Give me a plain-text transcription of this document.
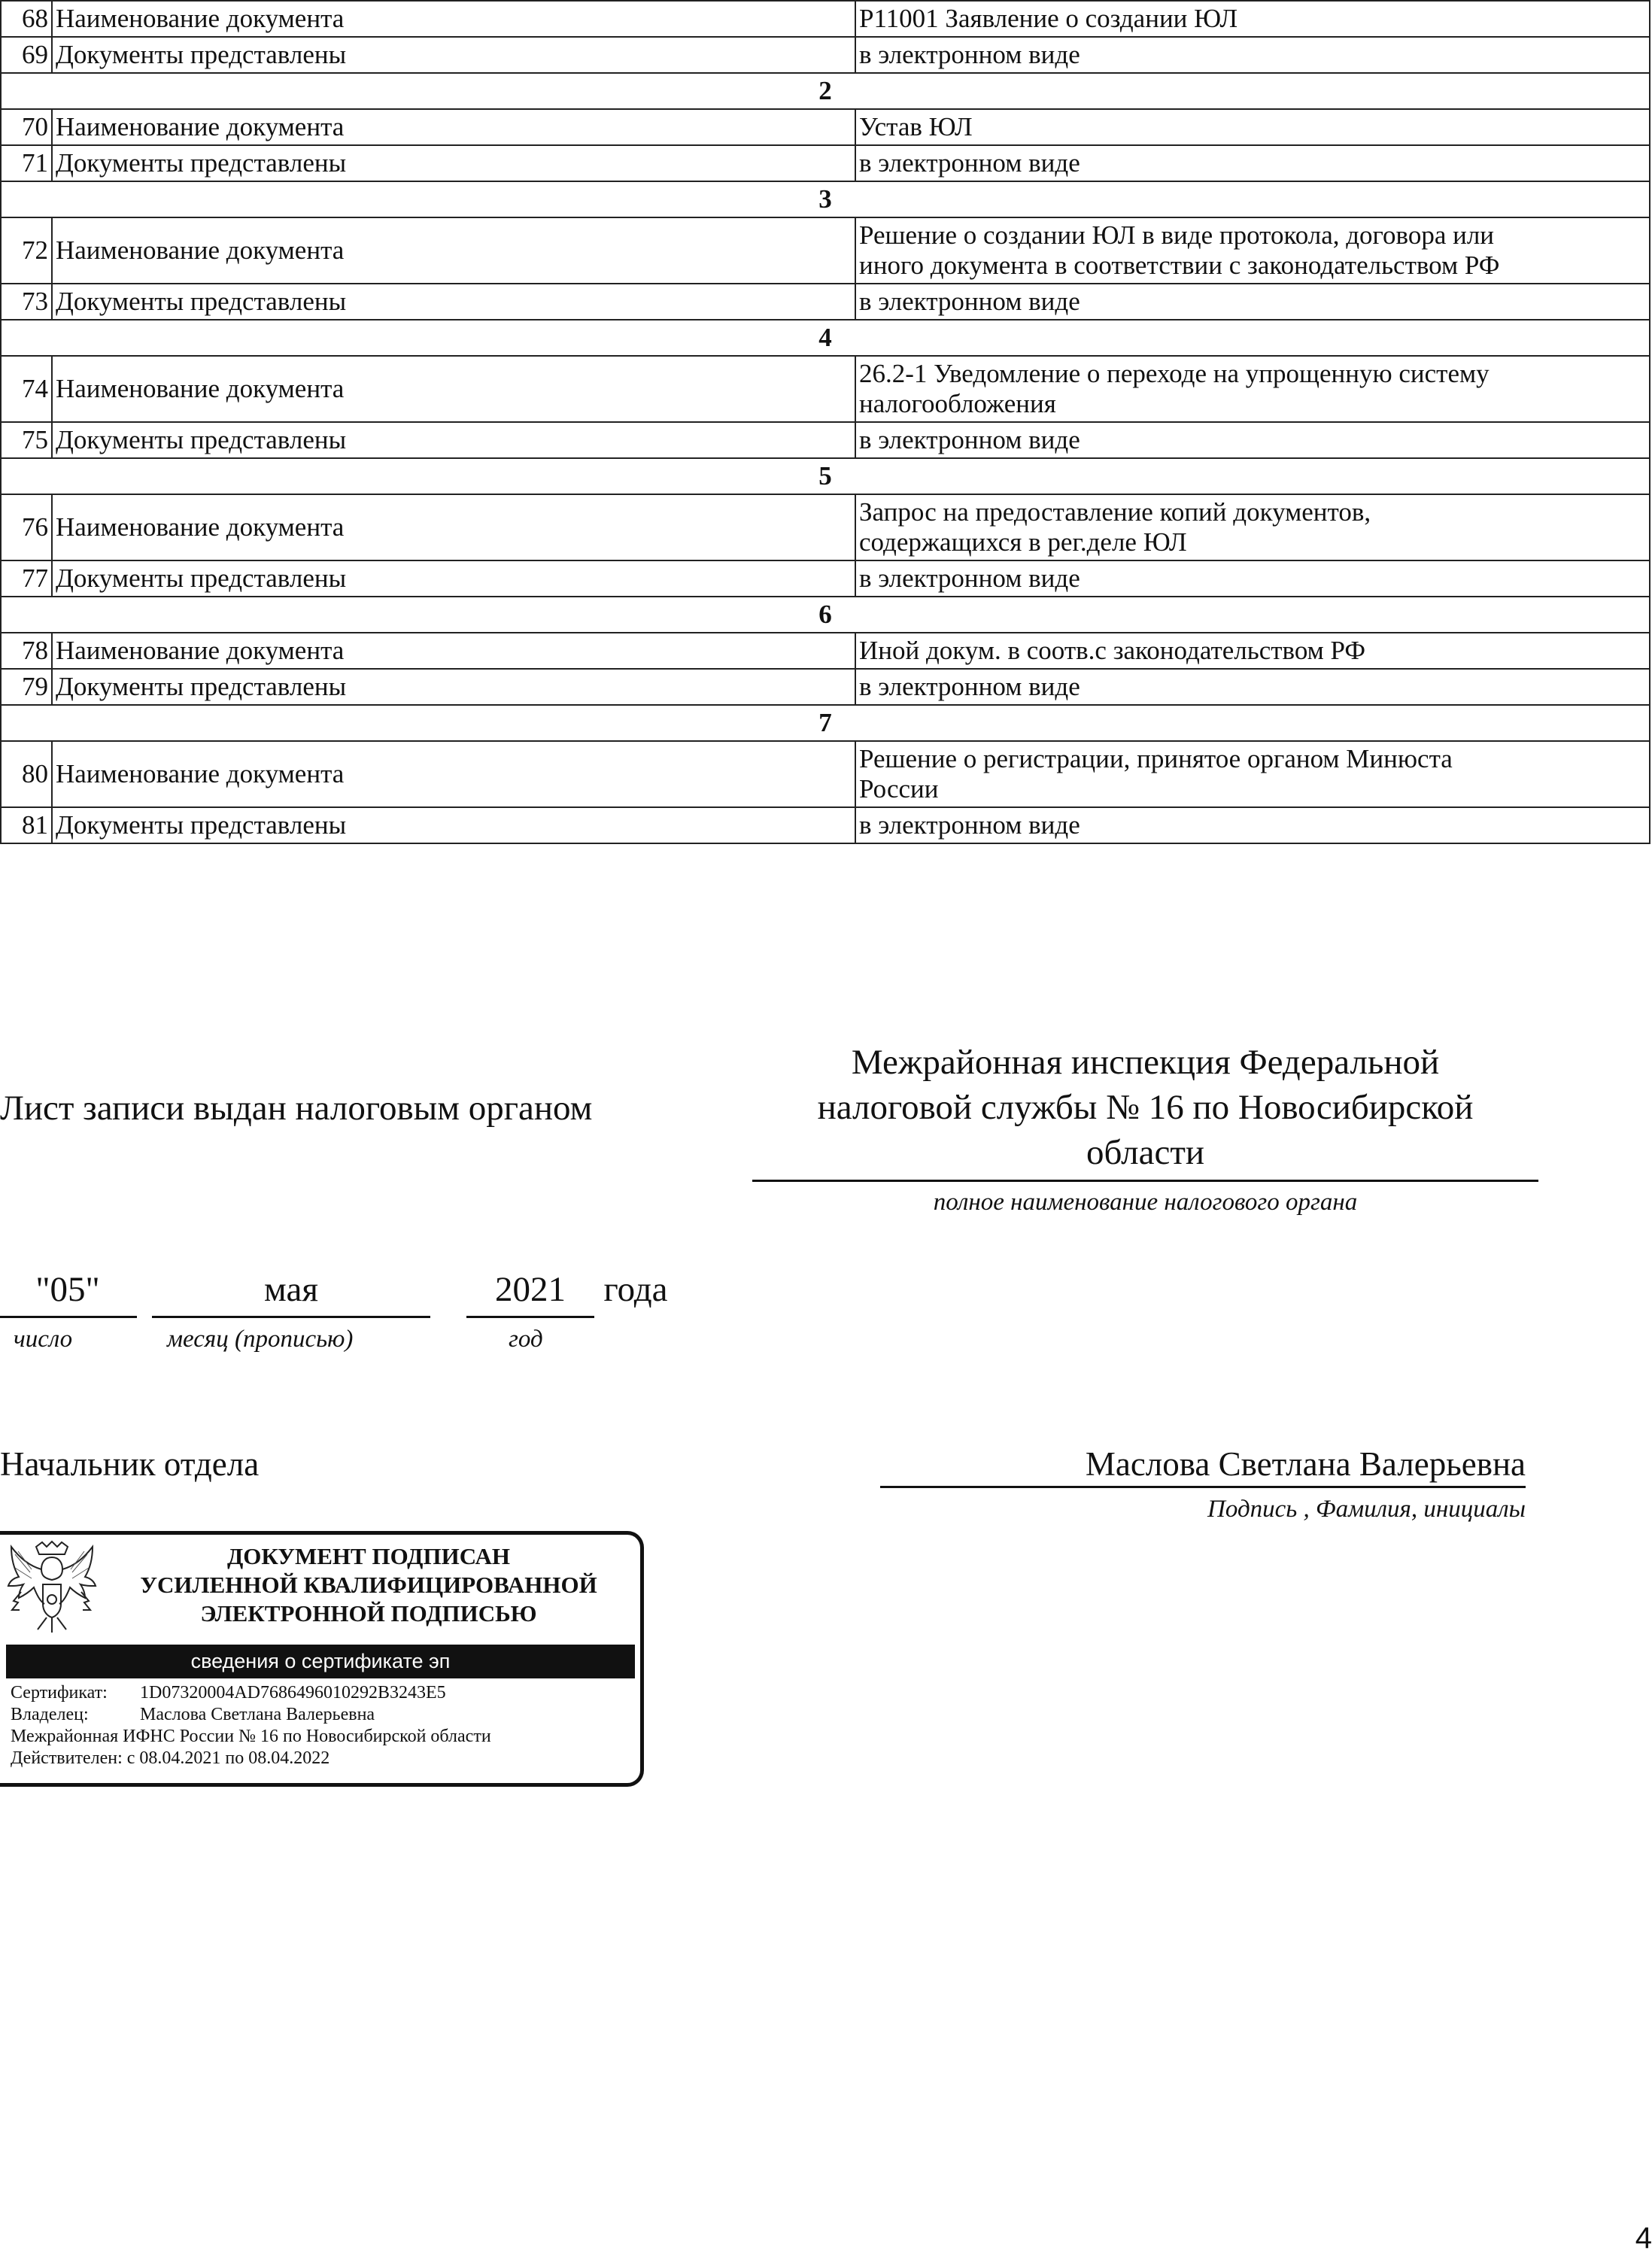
68	Наименование документа	Р11001 Заявление о создании ЮЛ

69	Документы представлены	в электронном виде

2		
70	Наименование документа	Устав ЮЛ

71	Документы представлены	в электронном виде

3		
72	Наименование документа	Решение о создании ЮЛ в виде протокола, договора или
иного документа в соответствии с законодательством РФ

73	Документы представлены	в электронном виде

4		
74	Наименование документа	26.2-1 Уведомление о переходе на упрощенную систему
налогообложения

75	Документы представлены	в электронном виде

5		
76	Наименование документа	Запрос на предоставление копий документов,
содержащихся в рег.деле ЮЛ

77	Документы представлены	в электронном виде

6		
78	Наименование документа	Иной докум. в соотв.с законодательством РФ

79	Документы представлены	в электронном виде

7		
80	Наименование документа	Решение о регистрации, принятое органом Минюста
России

81	Документы представлены	в электронном виде
Лист записи выдан налоговым органом
Межрайонная инспекция Федеральной
налоговой службы № 16 по Новосибирской
области
полное наименование налогового органа
"05"
число
мая
месяц (прописью)
2021
год
года
Начальник отдела	Маслова Светлана Валерьевна
Подпись , Фамилия, инициалы
ДОКУМЕНТ ПОДПИСАН
УСИЛЕННОЙ КВАЛИФИЦИРОВАННОЙ
ЭЛЕКТРОННОЙ ПОДПИСЬЮ
сведения о сертификате эп
Сертификат: 1D07320004AD7686496010292B3243E5
Владелец:	Маслова Светлана Валерьевна
Межрайонная ИФНС России № 16 по Новосибирской области
Действителен: с 08.04.2021 по 08.04.2022
4
